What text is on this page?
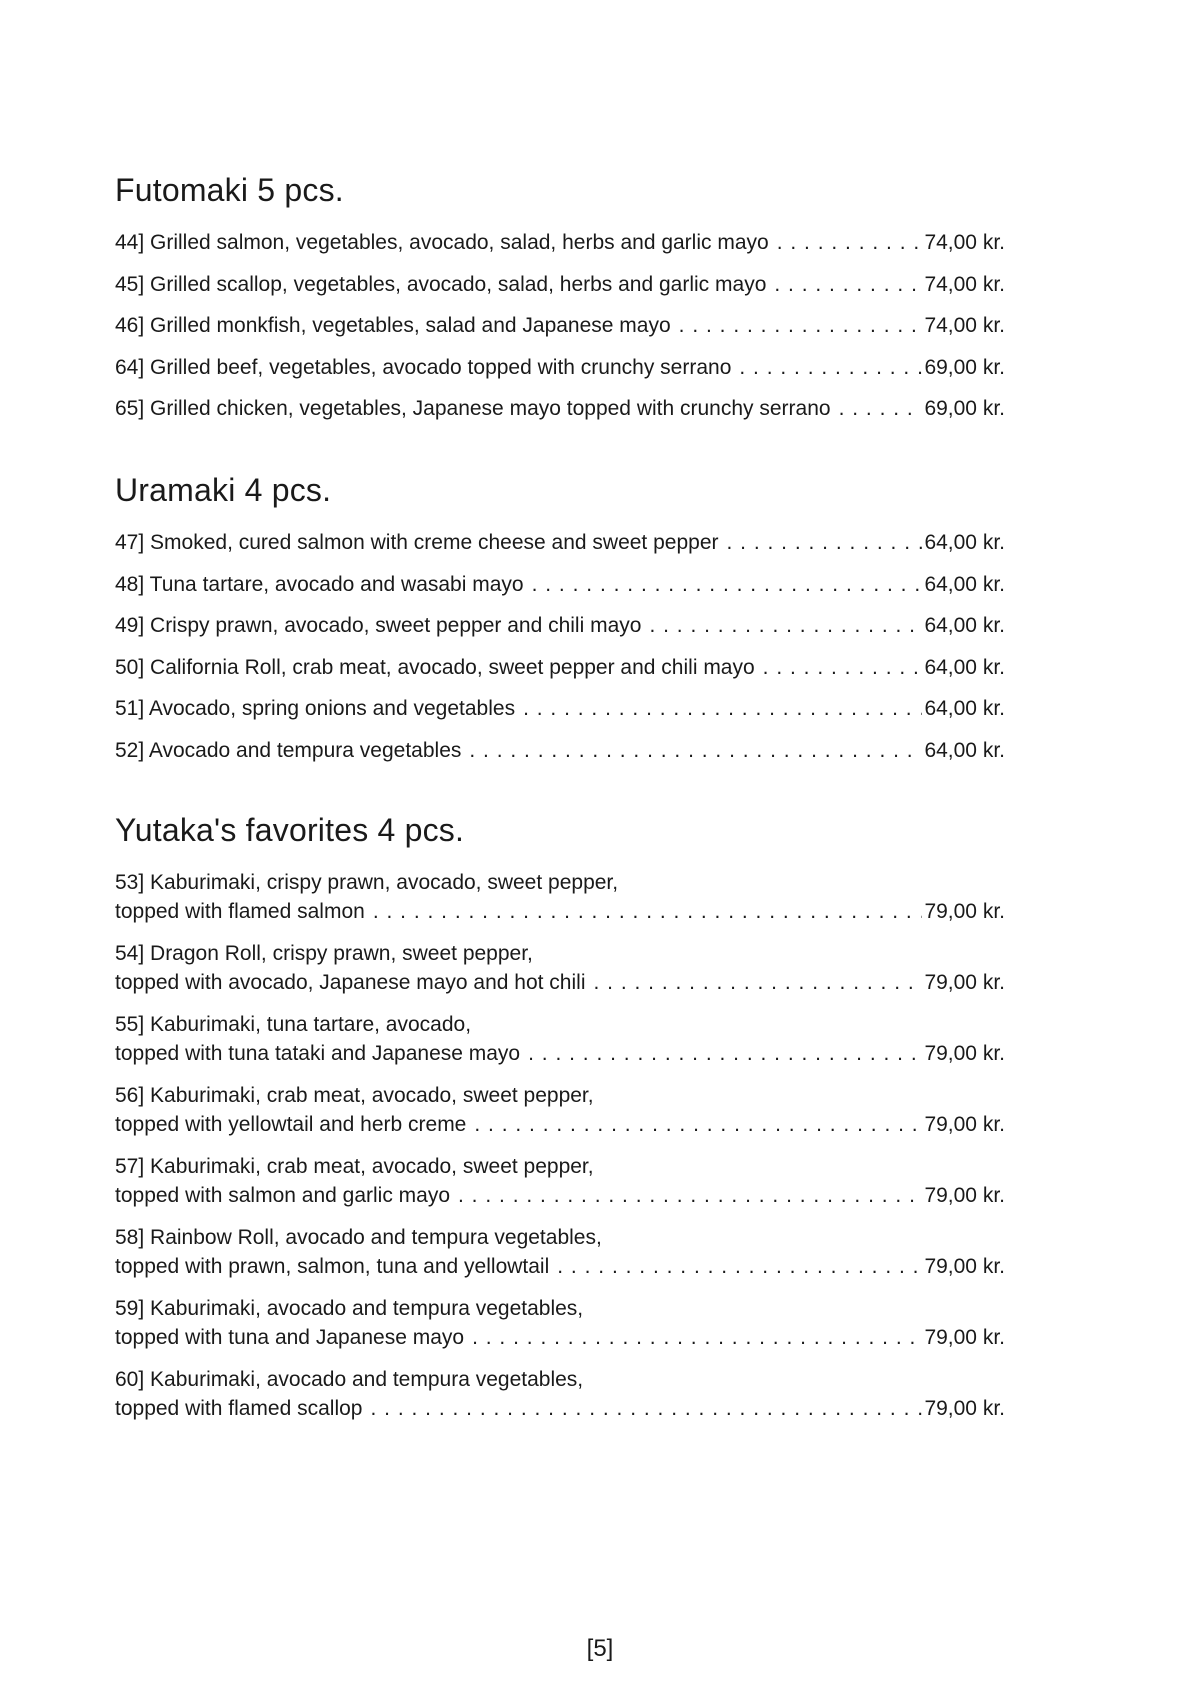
Futomaki 5 pcs.
44] Grilled salmon, vegetables, avocado, salad, herbs and garlic mayo . . .	74,00 kr.
45] Grilled scallop, vegetables, avocado, salad, herbs and garlic mayo . . .	74,00 kr.
46] Grilled monkfish, vegetables, salad and Japanese mayo . . .	74,00 kr.
64] Grilled beef, vegetables, avocado topped with crunchy serrano . . .	69,00 kr.
65] Grilled chicken, vegetables, Japanese mayo topped with crunchy serrano . . .	69,00 kr.
Uramaki 4 pcs.
47] Smoked, cured salmon with creme cheese and sweet pepper . . .	64,00 kr.
48] Tuna tartare, avocado and wasabi mayo . . .	64,00 kr.
49] Crispy prawn, avocado, sweet pepper and chili mayo . . .	64,00 kr.
50] California Roll, crab meat, avocado, sweet pepper and chili mayo . . .	64,00 kr.
51] Avocado, spring onions and vegetables . . .	64,00 kr.
52] Avocado and tempura vegetables . . .	64,00 kr.
Yutaka's favorites 4 pcs.
53] Kaburimaki, crispy prawn, avocado, sweet pepper,
topped with flamed salmon . . .	79,00 kr.
54] Dragon Roll, crispy prawn, sweet pepper,
topped with avocado, Japanese mayo and hot chili . . .	79,00 kr.
55] Kaburimaki, tuna tartare, avocado,
topped with tuna tataki and Japanese mayo . . .	79,00 kr.
56] Kaburimaki, crab meat, avocado, sweet pepper,
topped with yellowtail and herb creme . . .	79,00 kr.
57] Kaburimaki, crab meat, avocado, sweet pepper,
topped with salmon and garlic mayo . . .	79,00 kr.
58] Rainbow Roll, avocado and tempura vegetables,
topped with prawn, salmon, tuna and yellowtail . . .	79,00 kr.
59] Kaburimaki, avocado and tempura vegetables,
topped with tuna and Japanese mayo . . .	79,00 kr.
60] Kaburimaki, avocado and tempura vegetables,
topped with flamed scallop . . .	79,00 kr.
[5]
